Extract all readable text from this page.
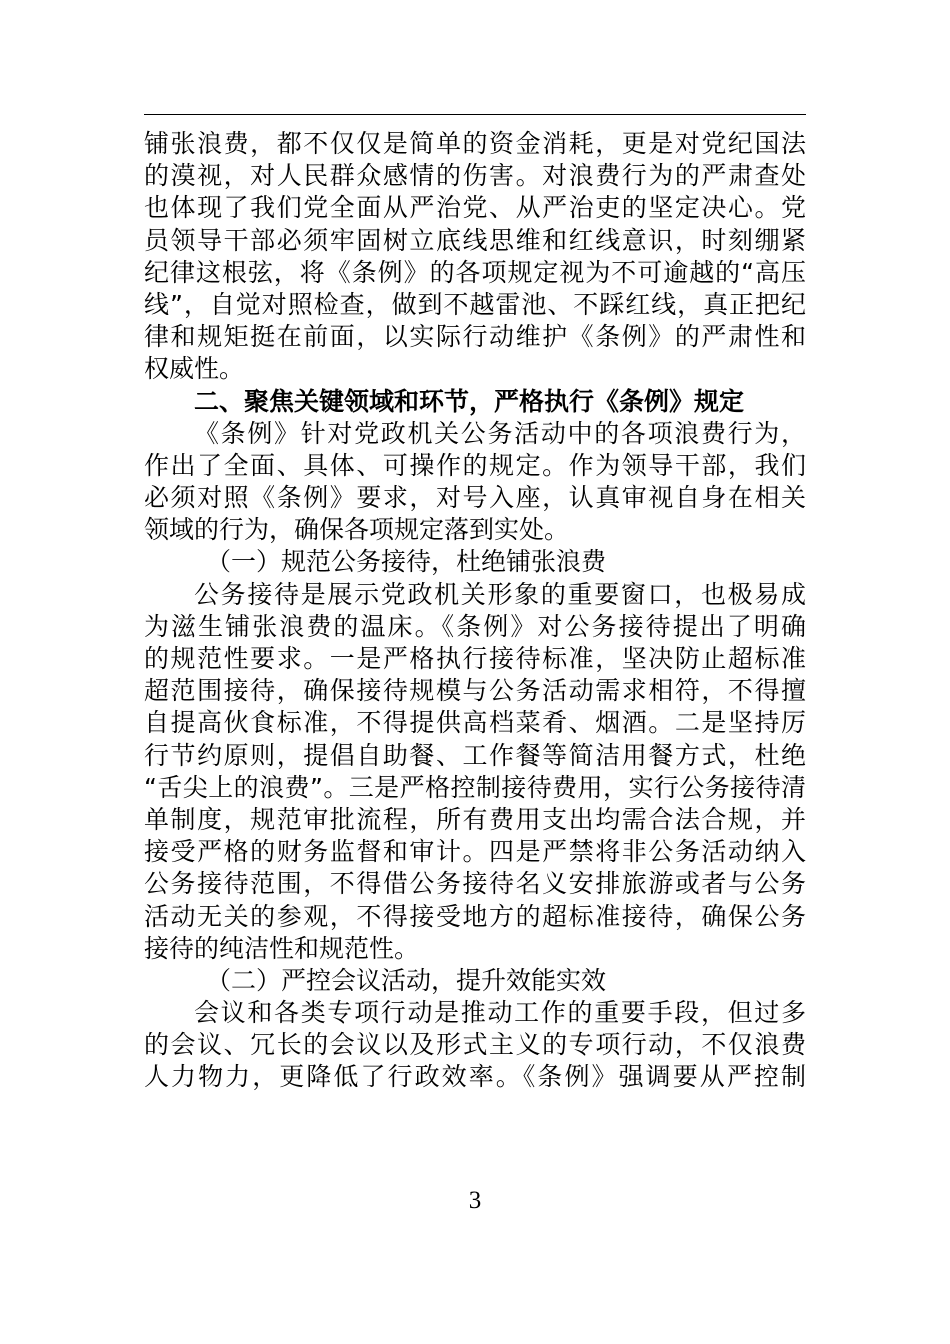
铺张浪费，都不仅仅是简单的资金消耗，更是对党纪国法
的漠视，对人民群众感情的伤害。对浪费行为的严肃查处
也体现了我们党全面从严治党、从严治吏的坚定决心。党
员领导干部必须牢固树立底线思维和红线意识，时刻绷紧
纪律这根弦，将《条例》的各项规定视为不可逾越的“高压
线”，自觉对照检查，做到不越雷池、不踩红线，真正把纪
律和规矩挺在前面，以实际行动维护《条例》的严肃性和
权威性。
二、聚焦关键领域和环节，严格执行《条例》规定
《条例》针对党政机关公务活动中的各项浪费行为，
作出了全面、具体、可操作的规定。作为领导干部，我们
必须对照《条例》要求，对号入座，认真审视自身在相关
领域的行为，确保各项规定落到实处。
（一）规范公务接待，杜绝铺张浪费
公务接待是展示党政机关形象的重要窗口，也极易成
为滋生铺张浪费的温床。《条例》对公务接待提出了明确
的规范性要求。一是严格执行接待标准，坚决防止超标准
超范围接待，确保接待规模与公务活动需求相符，不得擅
自提高伙食标准，不得提供高档菜肴、烟酒。二是坚持厉
行节约原则，提倡自助餐、工作餐等简洁用餐方式，杜绝
“舌尖上的浪费”。三是严格控制接待费用，实行公务接待清
单制度，规范审批流程，所有费用支出均需合法合规，并
接受严格的财务监督和审计。四是严禁将非公务活动纳入
公务接待范围，不得借公务接待名义安排旅游或者与公务
活动无关的参观，不得接受地方的超标准接待，确保公务
接待的纯洁性和规范性。
（二）严控会议活动，提升效能实效
会议和各类专项行动是推动工作的重要手段，但过多
的会议、冗长的会议以及形式主义的专项行动，不仅浪费
人力物力，更降低了行政效率。《条例》强调要从严控制
3
